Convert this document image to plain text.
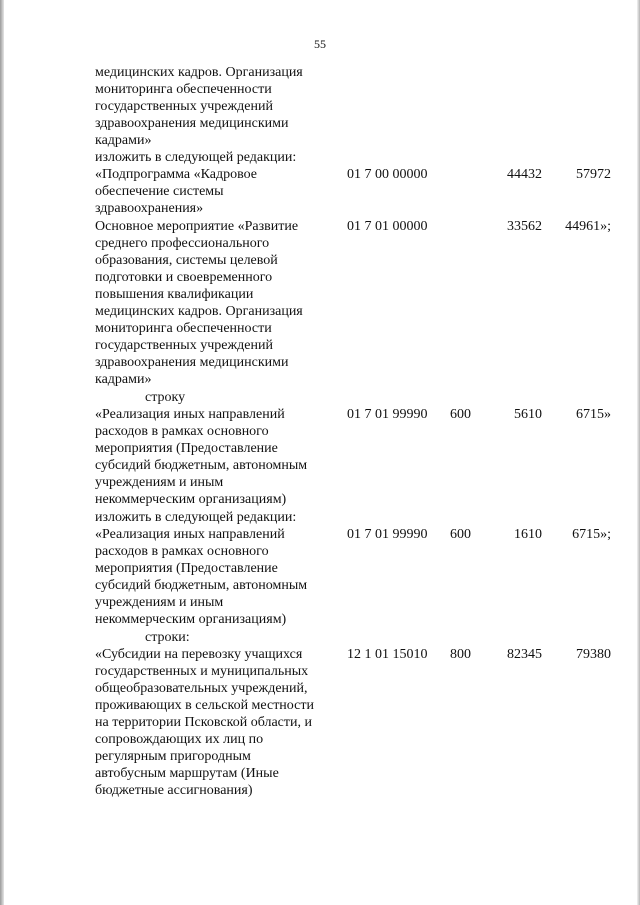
55
медицинских кадров. Организация
мониторинга обеспеченности
государственных учреждений
здравоохранения медицинскими
кадрами»
изложить в следующей редакции:
«Подпрограмма «Кадровое
обеспечение системы
здравоохранения»
01 7 00 00000	44432 57972
Основное мероприятие «Развитие
среднего профессионального
образования, системы целевой
подготовки и своевременного
повышения квалификации
медицинских кадров. Организация
мониторинга обеспеченности
государственных учреждений
здравоохранения медицинскими
кадрами»
01 7 01 00000	33562 44961»;
строку
«Реализация иных направлений
расходов в рамках основного
мероприятия (Предоставление
субсидий бюджетным, автономным
учреждениям и иным
некоммерческим организациям)
01 7 01 99990 600	5610 6715»
изложить в следующей редакции:
«Реализация иных направлений
расходов в рамках основного
мероприятия (Предоставление
субсидий бюджетным, автономным
учреждениям и иным
некоммерческим организациям)
01 7 01 99990 600	1610 6715»;
строки:
«Субсидии на перевозку учащихся
государственных и муниципальных
общеобразовательных учреждений,
проживающих в сельской местности
на территории Псковской области, и
сопровождающих их лиц по
регулярным пригородным
автобусным маршрутам (Иные
бюджетные ассигнования)
12 1 01 15010 800	82345 79380
